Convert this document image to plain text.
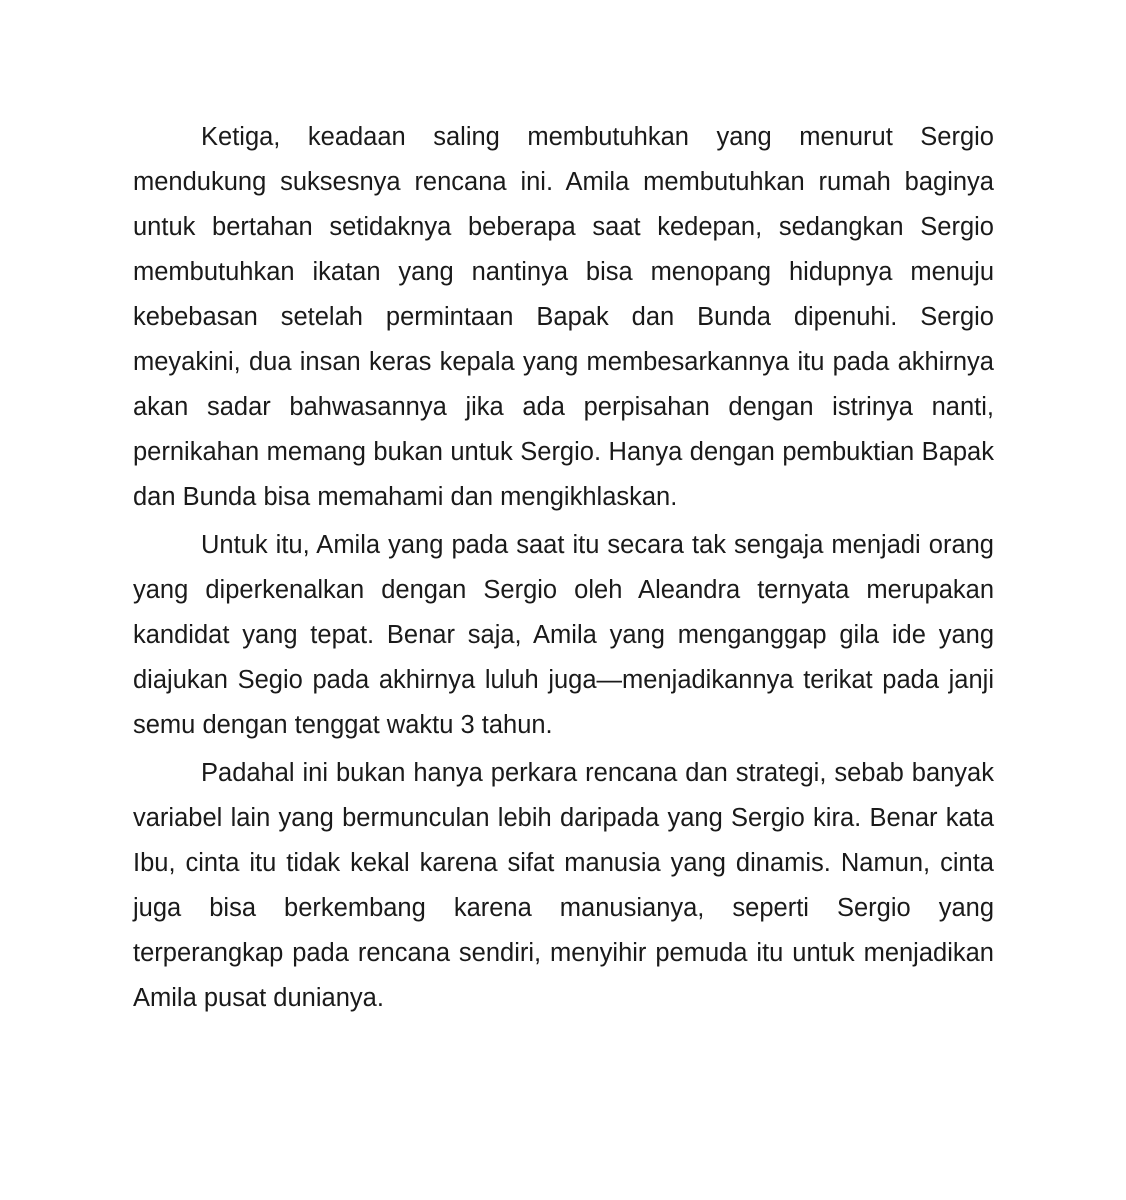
Ketiga, keadaan saling membutuhkan yang menurut Sergio mendukung suksesnya rencana ini. Amila membutuhkan rumah baginya untuk bertahan setidaknya beberapa saat kedepan, sedangkan Sergio membutuhkan ikatan yang nantinya bisa menopang hidupnya menuju kebebasan setelah permintaan Bapak dan Bunda dipenuhi. Sergio meyakini, dua insan keras kepala yang membesarkannya itu pada akhirnya akan sadar bahwasannya jika ada perpisahan dengan istrinya nanti, pernikahan memang bukan untuk Sergio. Hanya dengan pembuktian Bapak dan Bunda bisa memahami dan mengikhlaskan.

Untuk itu, Amila yang pada saat itu secara tak sengaja menjadi orang yang diperkenalkan dengan Sergio oleh Aleandra ternyata merupakan kandidat yang tepat. Benar saja, Amila yang menganggap gila ide yang diajukan Segio pada akhirnya luluh juga—menjadikannya terikat pada janji semu dengan tenggat waktu 3 tahun.

Padahal ini bukan hanya perkara rencana dan strategi, sebab banyak variabel lain yang bermunculan lebih daripada yang Sergio kira. Benar kata Ibu, cinta itu tidak kekal karena sifat manusia yang dinamis. Namun, cinta juga bisa berkembang karena manusianya, seperti Sergio yang terperangkap pada rencana sendiri, menyihir pemuda itu untuk menjadikan Amila pusat dunianya.
